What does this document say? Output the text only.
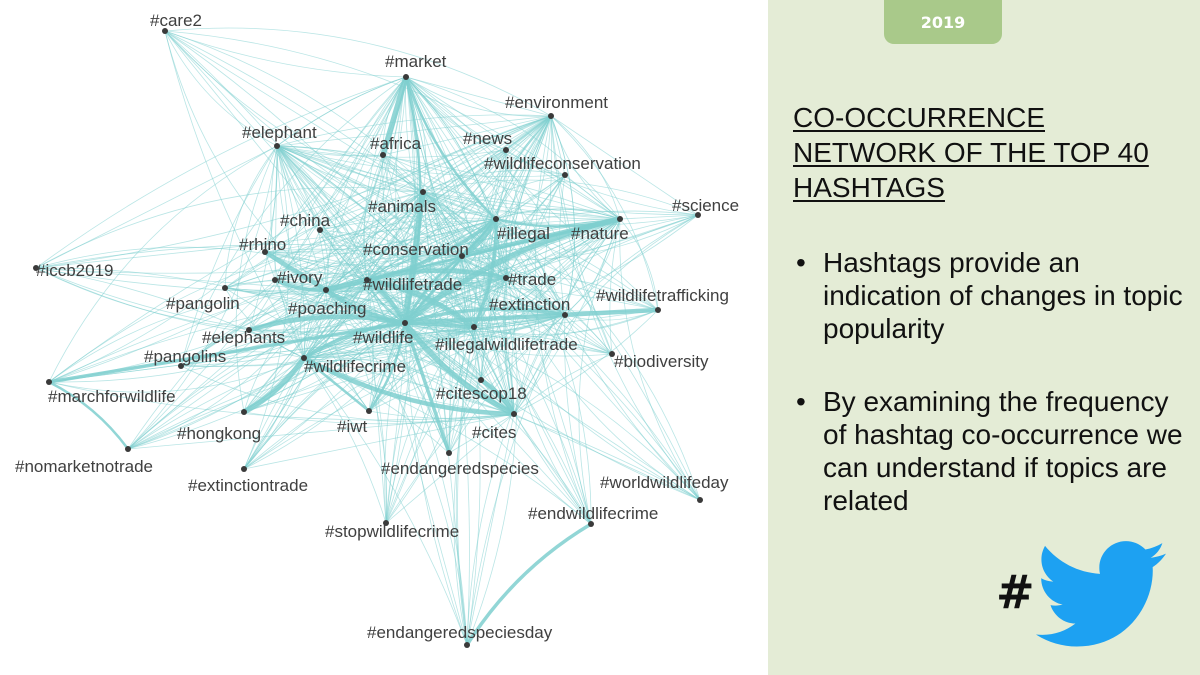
#care2
#market
#environment
#elephant
#africa #news
#wildlifeconservation
#science
#animals
#china
#illegal #nature
#rhino	#conservation
#iccb2019	#ivory #wildlifetrade	#trade
#pangolin	#poaching	#extinction #wildlifetrafficking
#elephants	#wildlife #illegalwildlifetrade
#pangolins
#wildlifecrime	#biodiversity
#marchforwildlife	#citescop18
#hongkong	#iwt	#cites
#nomarketnotrade	#endangeredspecies
#extinctiontrade	#worldwildlifeday
#endwildlifecrime
#stopwildlifecrime
#endangeredspeciesday
2019
CO-OCCURRENCE
NETWORK OF THE TOP 40
HASHTAGS
• Hashtags provide an indication of changes in topic popularity
• By examining the frequency of hashtag co-occurrence we can understand if topics are related
#
